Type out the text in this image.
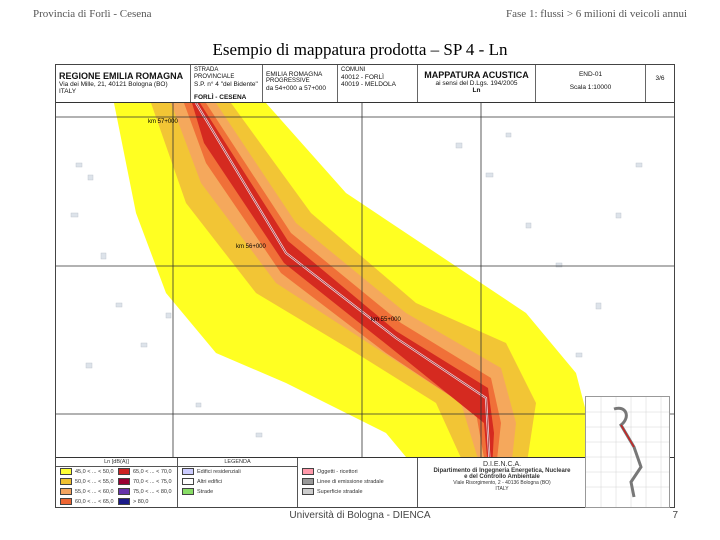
Provincia di Forlì - Cesena	Fase 1: flussi > 6 milioni di veicoli annui
Esempio di mappatura prodotta – SP 4 - Ln
REGIONE EMILIA ROMAGNA
Via dei Mille, 21, 40121 Bologna (BO)
ITALY
STRADA PROVINCIALE
S.P. n° 4 "del Bidente"
FORLÌ - CESENA
EMILIA ROMAGNA
PROGRESSIVE
da 54+000 a 57+000
COMUNI
40012 - FORLÌ
40019 - MELDOLA
MAPPATURA ACUSTICA
ai sensi del D.Lgs. 194/2005
Ln
END-01
Scala 1:10000
3/6
km 57+000
km 56+000
km 55+000
Ln [dB(A)]
45,0 < ... < 50,0
50,0 < ... < 55,0
55,0 < ... < 60,0
60,0 < ... < 65,0
65,0 < ... < 70,0
70,0 < ... < 75,0
75,0 < ... < 80,0
> 80,0
LEGENDA
Edifici residenziali
Altri edifici
Strade
Oggetti - ricettori
Linee di emissione stradale
Superficie stradale
D.I.E.N.C.A.
Dipartimento di Ingegneria Energetica, Nucleare
e del Controllo Ambientale
Viale Risorgimento, 2 - 40136 Bologna (BO)
ITALY
Università di Bologna - DIENCA	7
